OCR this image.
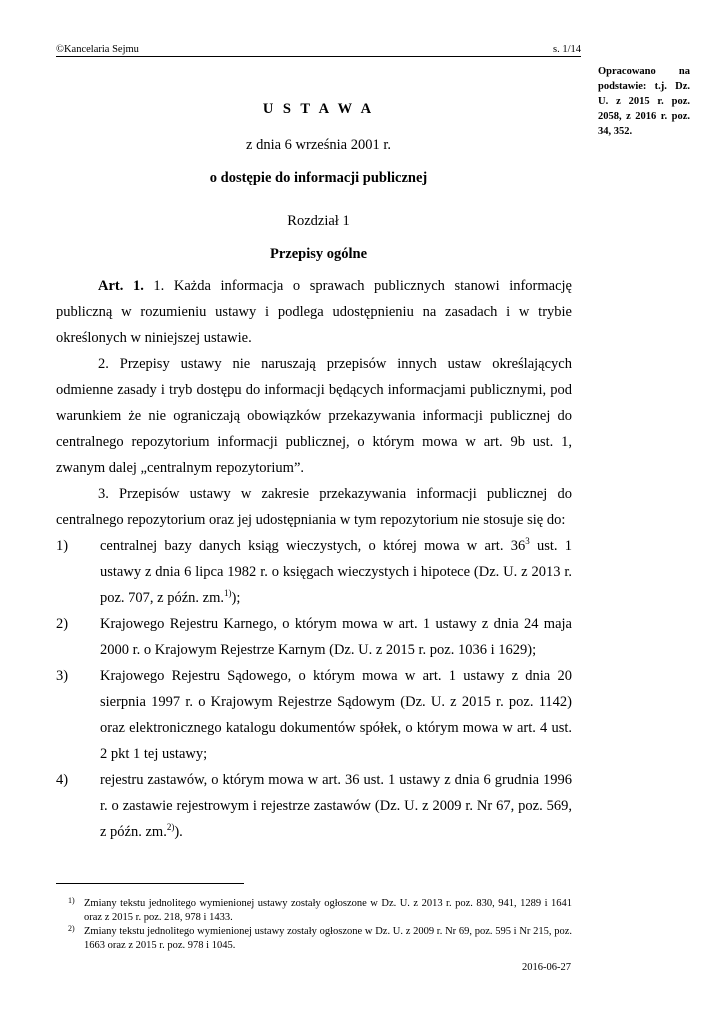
©Kancelaria Sejmu	s. 1/14
Opracowano na podstawie: t.j. Dz. U. z 2015 r. poz. 2058, z 2016 r. poz. 34, 352.
U S T A W A
z dnia 6 września 2001 r.
o dostępie do informacji publicznej
Rozdział 1
Przepisy ogólne

Art. 1. 1. Każda informacja o sprawach publicznych stanowi informację publiczną w rozumieniu ustawy i podlega udostępnieniu na zasadach i w trybie określonych w niniejszej ustawie.

2. Przepisy ustawy nie naruszają przepisów innych ustaw określających odmienne zasady i tryb dostępu do informacji będących informacjami publicznymi, pod warunkiem że nie ograniczają obowiązków przekazywania informacji publicznej do centralnego repozytorium informacji publicznej, o którym mowa w art. 9b ust. 1, zwanym dalej „centralnym repozytorium”.

3. Przepisów ustawy w zakresie przekazywania informacji publicznej do centralnego repozytorium oraz jej udostępniania w tym repozytorium nie stosuje się do:

1) centralnej bazy danych ksiąg wieczystych, o której mowa w art. $36^3$ ust. 1 ustawy z dnia 6 lipca 1982 r. o księgach wieczystych i hipotece (Dz. U. z 2013 r. poz. 707, z późn. zm.$^{1)}$);

2) Krajowego Rejestru Karnego, o którym mowa w art. 1 ustawy z dnia 24 maja 2000 r. o Krajowym Rejestrze Karnym (Dz. U. z 2015 r. poz. 1036 i 1629);

3) Krajowego Rejestru Sądowego, o którym mowa w art. 1 ustawy z dnia 20 sierpnia 1997 r. o Krajowym Rejestrze Sądowym (Dz. U. z 2015 r. poz. 1142) oraz elektronicznego katalogu dokumentów spółek, o którym mowa w art. 4 ust. 2 pkt 1 tej ustawy;

4) rejestru zastawów, o którym mowa w art. 36 ust. 1 ustawy z dnia 6 grudnia 1996 r. o zastawie rejestrowym i rejestrze zastawów (Dz. U. z 2009 r. Nr 67, poz. 569, z późn. zm.$^{2)}$).

1) Zmiany tekstu jednolitego wymienionej ustawy zostały ogłoszone w Dz. U. z 2013 r. poz. 830, 941, 1289 i 1641 oraz z 2015 r. poz. 218, 978 i 1433.

2) Zmiany tekstu jednolitego wymienionej ustawy zostały ogłoszone w Dz. U. z 2009 r. Nr 69, poz. 595 i Nr 215, poz. 1663 oraz z 2015 r. poz. 978 i 1045.

2016-06-27
